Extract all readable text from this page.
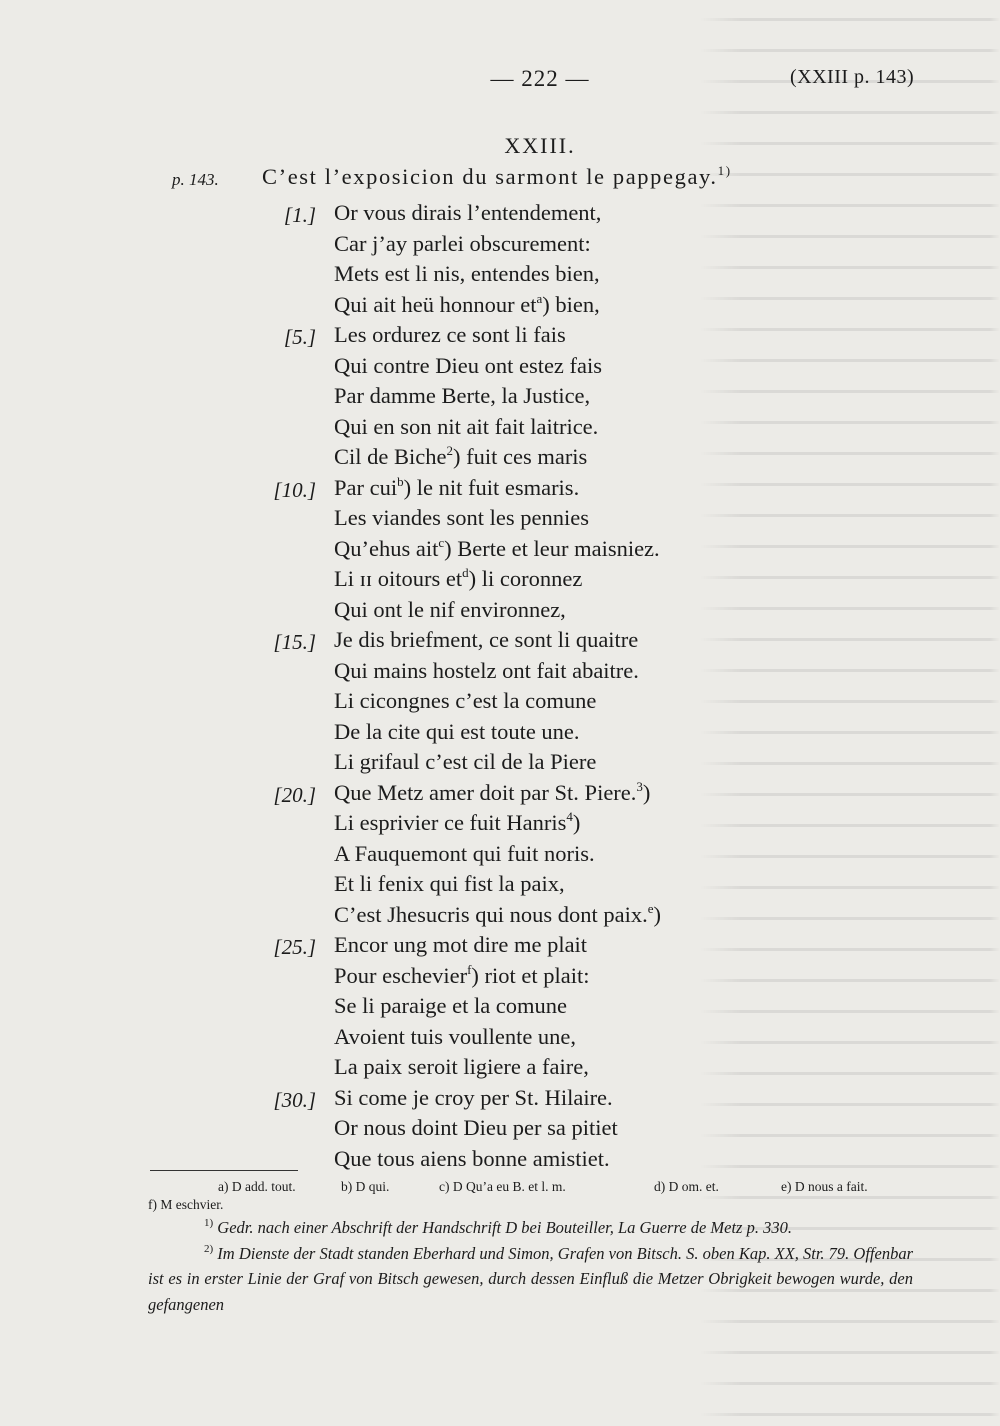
— 222 —	(XXIII p. 143)
XXIII.
p. 143. C’est l’exposicion du sarmont le pappegay.$^{1)}$
[1.] Or vous dirais l’entendement,
Car j’ay parlei obscurement:
Mets est li nis, entendes bien,
Qui ait heü honnour $et^a$) bien,
[5.] Les ordurez ce sont li fais
Qui contre Dieu ont estez fais
Par damme Berte, la Justice,
Qui en son nit ait fait laitrice.
Cil de Biche$^2$) fuit ces maris
[10.] Par cui$^b$) le nit fuit esmaris.
Les viandes sont les pennies
Qu’ehus ait$^c$) Berte et leur maisniez.
Li ɪɪ oitours $et^d$) li coronnez
Qui ont le nif environnez,
[15.] Je dis briefment, ce sont li quaitre
Qui mains hostelz ont fait abaitre.
Li cicongnes c’est la comune
De la cite qui est toute une.
Li grifaul c’est cil de la Piere
[20.] Que Metz amer doit par St. Piere.$^3$)
Li esprivier ce fuit Hanris$^4$)
A Fauquemont qui fuit noris.
Et li fenix qui fist la paix,
C’est Jhesucris qui nous dont paix.$^e$)
[25.] Encor ung mot dire me plait
Pour eschevier$^f$) riot et plait:
Se li paraige et la comune
Avoient tuis voullente une,
La paix seroit ligiere a faire,
[30.] Si come je croy per St. Hilaire.
Or nous doint Dieu per sa pitiet
Que tous aiens bonne amistiet.
a) D add. tout.	b) D qui.	c) D Qu’a eu B. et l. m.	d) D om. et.	e) D nous a fait.
f) M eschvier.

$^{1)}$ Gedr. nach einer Abschrift der Handschrift D bei Bouteiller, La Guerre de Metz p. 330.

$^{2)}$ Im Dienste der Stadt standen Eberhard und Simon, Grafen von Bitsch. S. oben Kap. XX, Str. 79. Offenbar ist es in erster Linie der Graf von Bitsch gewesen, durch dessen Einfluß die Metzer Obrigkeit bewogen wurde, den gefangenen
